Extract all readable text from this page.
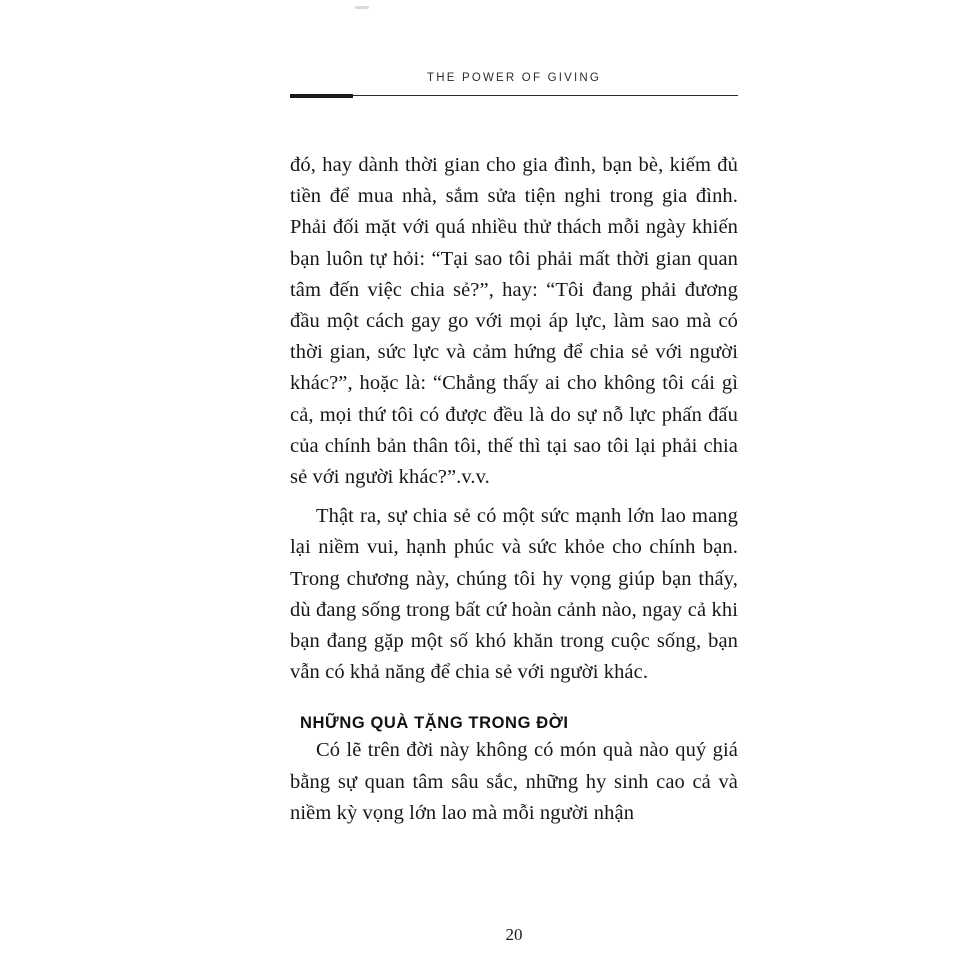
THE POWER OF GIVING

đó, hay dành thời gian cho gia đình, bạn bè, kiếm đủ tiền để mua nhà, sắm sửa tiện nghi trong gia đình. Phải đối mặt với quá nhiều thử thách mỗi ngày khiến bạn luôn tự hỏi: “Tại sao tôi phải mất thời gian quan tâm đến việc chia sẻ?”, hay: “Tôi đang phải đương đầu một cách gay go với mọi áp lực, làm sao mà có thời gian, sức lực và cảm hứng để chia sẻ với người khác?”, hoặc là: “Chẳng thấy ai cho không tôi cái gì cả, mọi thứ tôi có được đều là do sự nỗ lực phấn đấu của chính bản thân tôi, thế thì tại sao tôi lại phải chia sẻ với người khác?”.v.v.

Thật ra, sự chia sẻ có một sức mạnh lớn lao mang lại niềm vui, hạnh phúc và sức khỏe cho chính bạn. Trong chương này, chúng tôi hy vọng giúp bạn thấy, dù đang sống trong bất cứ hoàn cảnh nào, ngay cả khi bạn đang gặp một số khó khăn trong cuộc sống, bạn vẫn có khả năng để chia sẻ với người khác.

NHỮNG QUÀ TẶNG TRONG ĐỜI

Có lẽ trên đời này không có món quà nào quý giá bằng sự quan tâm sâu sắc, những hy sinh cao cả và niềm kỳ vọng lớn lao mà mỗi người nhận

20
